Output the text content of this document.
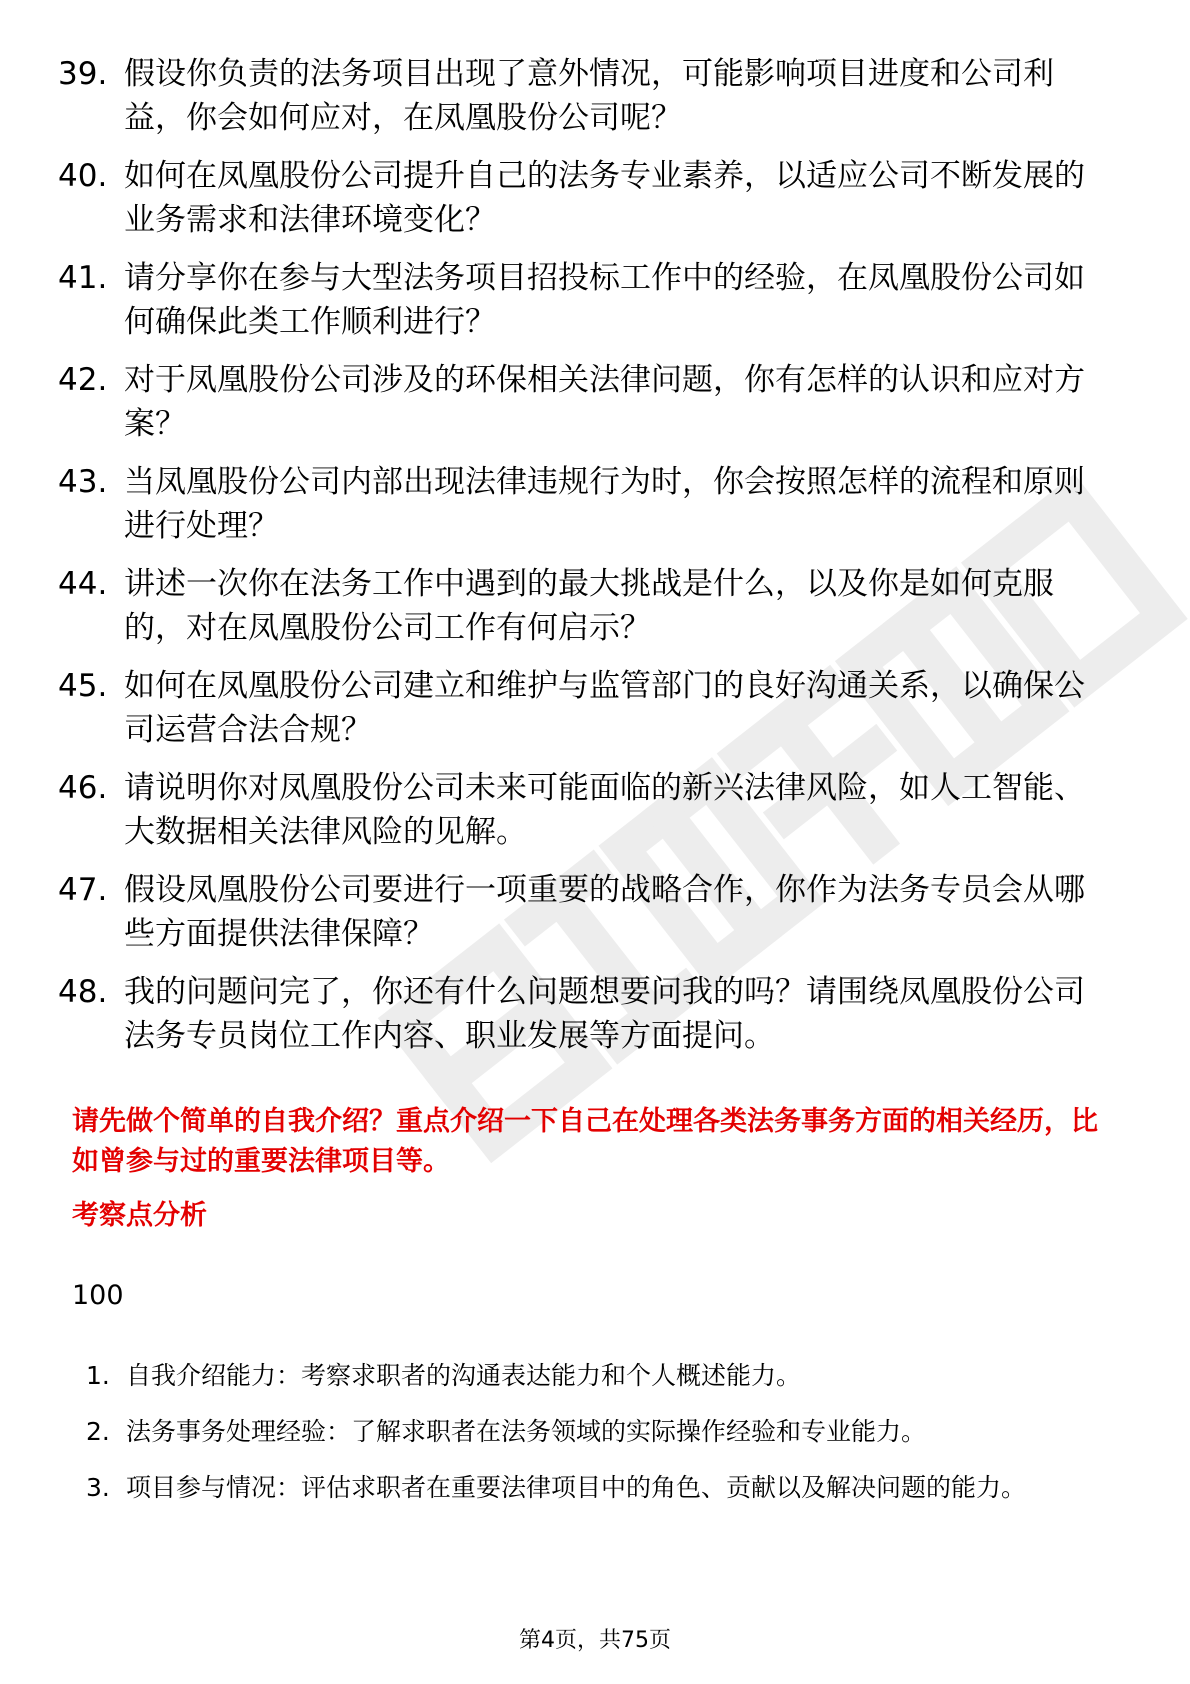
39. 假设你负责的法务项目出现了意外情况，可能影响项目进度和公司利益，你会如何应对，在凤凰股份公司呢？
40. 如何在凤凰股份公司提升自己的法务专业素养，以适应公司不断发展的业务需求和法律环境变化？
41. 请分享你在参与大型法务项目招投标工作中的经验，在凤凰股份公司如何确保此类工作顺利进行？
42. 对于凤凰股份公司涉及的环保相关法律问题，你有怎样的认识和应对方案？
43. 当凤凰股份公司内部出现法律违规行为时，你会按照怎样的流程和原则进行处理？
44. 讲述一次你在法务工作中遇到的最大挑战是什么，以及你是如何克服的，对在凤凰股份公司工作有何启示？
45. 如何在凤凰股份公司建立和维护与监管部门的良好沟通关系，以确保公司运营合法合规？
46. 请说明你对凤凰股份公司未来可能面临的新兴法律风险，如人工智能、大数据相关法律风险的见解。
47. 假设凤凰股份公司要进行一项重要的战略合作，你作为法务专员会从哪些方面提供法律保障？
48. 我的问题问完了，你还有什么问题想要问我的吗？请围绕凤凰股份公司法务专员岗位工作内容、职业发展等方面提问。

请先做个简单的自我介绍？重点介绍一下自己在处理各类法务事务方面的相关经历，比如曾参与过的重要法律项目等。

考察点分析

100

1. 自我介绍能力：考察求职者的沟通表达能力和个人概述能力。
2. 法务事务处理经验：了解求职者在法务领域的实际操作经验和专业能力。
3. 项目参与情况：评估求职者在重要法律项目中的角色、贡献以及解决问题的能力。

第4页，共75页
